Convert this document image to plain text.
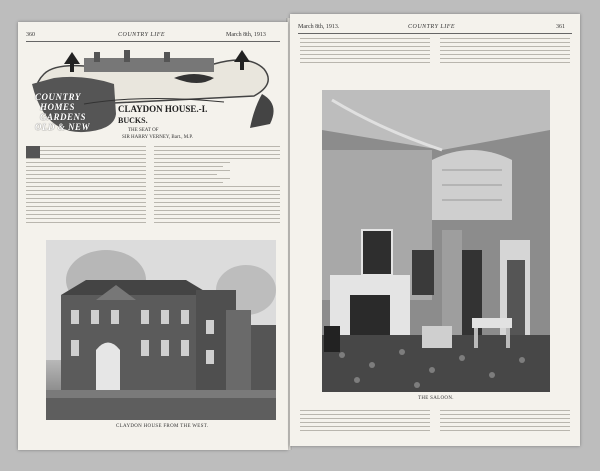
360	COUNTRY LIFE	March 8th, 1913
COUNTRY
HOMES
GARDENS
OLD & NEW
CLAYDON HOUSE.-I.
BUCKS.
THE SEAT OF
SIR HARRY VERNEY, Bart., M.P.
CLAYDON HOUSE FROM THE WEST.
March 8th, 1913.	COUNTRY LIFE	361
THE SALOON.
